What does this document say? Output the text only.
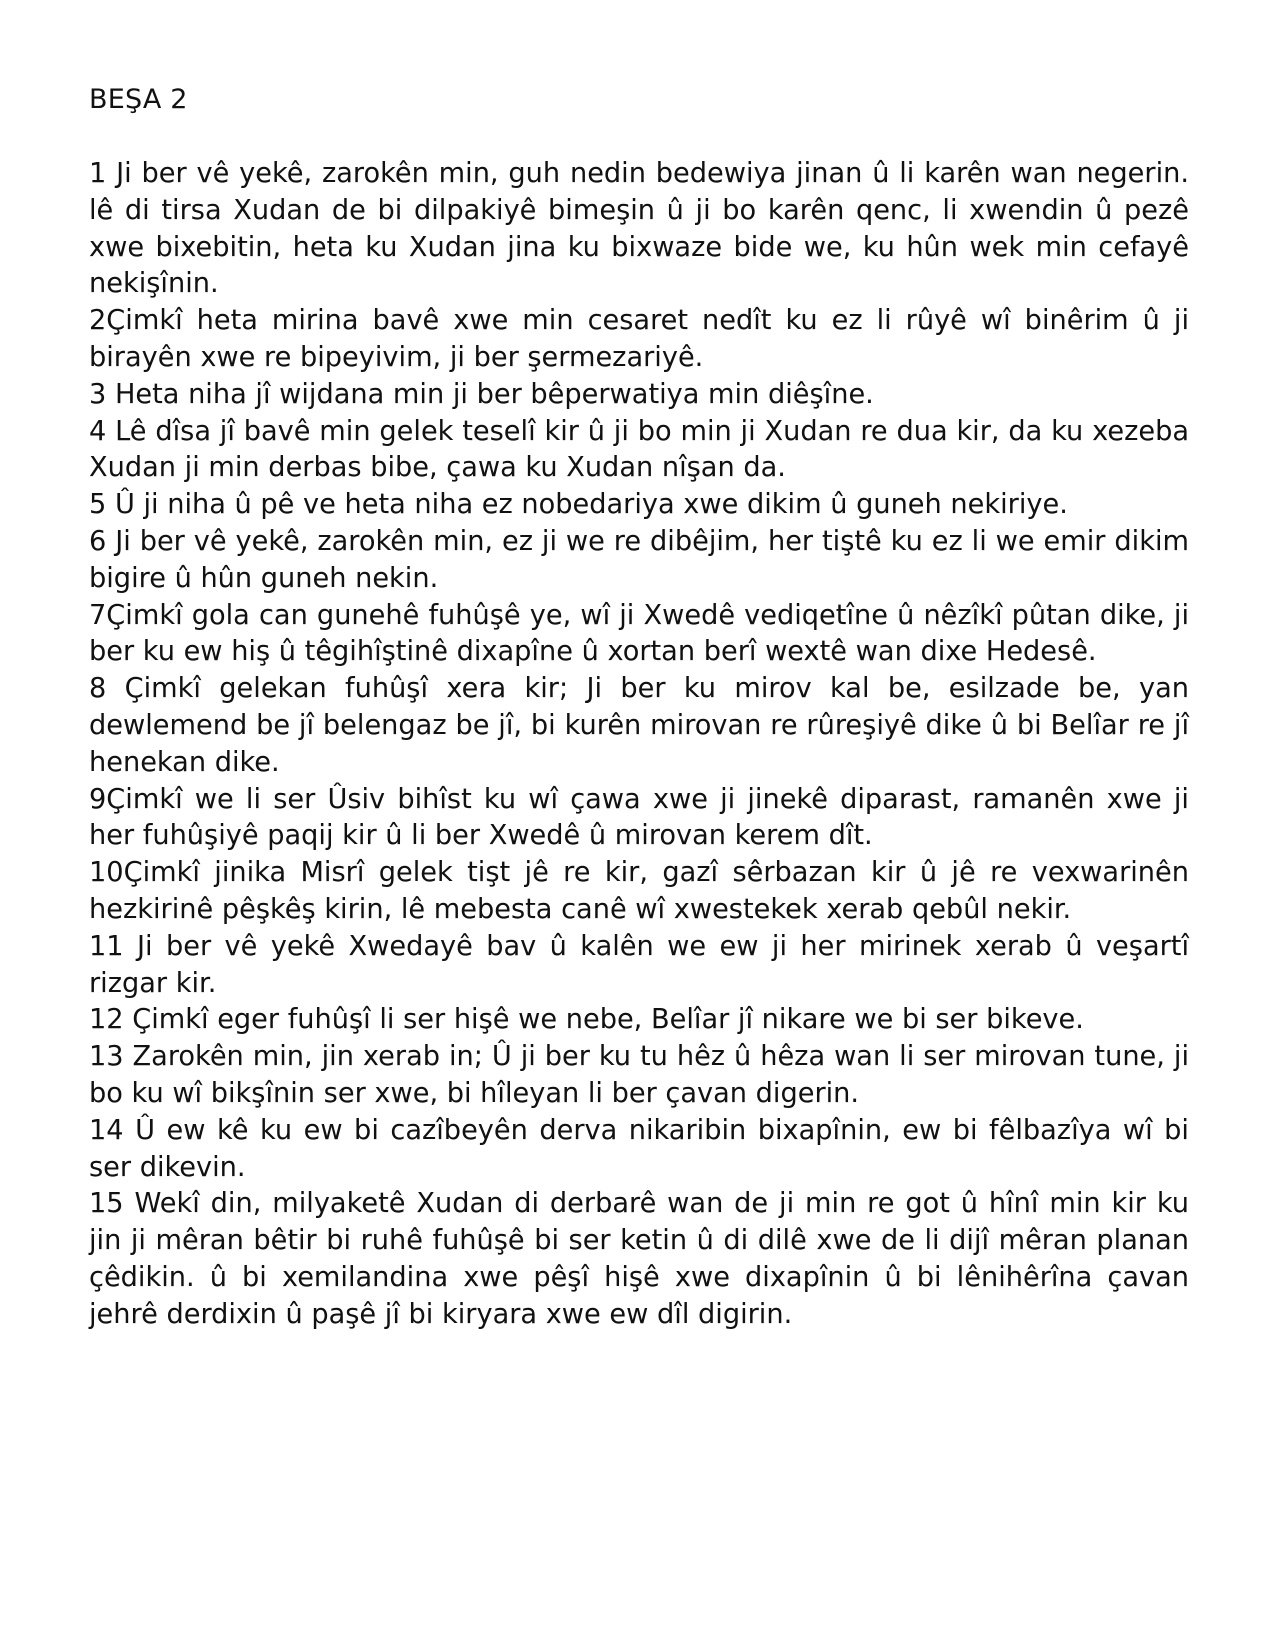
BEŞA 2

1 Ji ber vê yekê, zarokên min, guh nedin bedewiya jinan û li karên wan negerin. lê di tirsa Xudan de bi dilpakiyê bimeşin û ji bo karên qenc, li xwendin û pezê xwe bixebitin, heta ku Xudan jina ku bixwaze bide we, ku hûn wek min cefayê nekişînin.

2Çimkî heta mirina bavê xwe min cesaret nedît ku ez li rûyê wî binêrim û ji birayên xwe re bipeyivim, ji ber şermezariyê.

3 Heta niha jî wijdana min ji ber bêperwatiya min diêşîne.

4 Lê dîsa jî bavê min gelek teselî kir û ji bo min ji Xudan re dua kir, da ku xezeba Xudan ji min derbas bibe, çawa ku Xudan nîşan da.

5 Û ji niha û pê ve heta niha ez nobedariya xwe dikim û guneh nekiriye.

6 Ji ber vê yekê, zarokên min, ez ji we re dibêjim, her tiştê ku ez li we emir dikim bigire û hûn guneh nekin.

7Çimkî gola can gunehê fuhûşê ye, wî ji Xwedê vediqetîne û nêzîkî pûtan dike, ji ber ku ew hiş û têgihîştinê dixapîne û xortan berî wextê wan dixe Hedesê.

8 Çimkî gelekan fuhûşî xera kir; Ji ber ku mirov kal be, esilzade be, yan dewlemend be jî belengaz be jî, bi kurên mirovan re rûreşiyê dike û bi Belîar re jî henekan dike.

9Çimkî we li ser Ûsiv bihîst ku wî çawa xwe ji jinekê diparast, ramanên xwe ji her fuhûşiyê paqij kir û li ber Xwedê û mirovan kerem dît.

10Çimkî jinika Misrî gelek tişt jê re kir, gazî sêrbazan kir û jê re vexwarinên hezkirinê pêşkêş kirin, lê mebesta canê wî xwestekek xerab qebûl nekir.

11 Ji ber vê yekê Xwedayê bav û kalên we ew ji her mirinek xerab û veşartî rizgar kir.

12 Çimkî eger fuhûşî li ser hişê we nebe, Belîar jî nikare we bi ser bikeve.

13 Zarokên min, jin xerab in; Û ji ber ku tu hêz û hêza wan li ser mirovan tune, ji bo ku wî bikşînin ser xwe, bi hîleyan li ber çavan digerin.

14 Û ew kê ku ew bi cazîbeyên derva nikaribin bixapînin, ew bi fêlbazîya wî bi ser dikevin.

15 Wekî din, milyaketê Xudan di derbarê wan de ji min re got û hînî min kir ku jin ji mêran bêtir bi ruhê fuhûşê bi ser ketin û di dilê xwe de li dijî mêran planan çêdikin. û bi xemilandina xwe pêşî hişê xwe dixapînin û bi lênihêrîna çavan jehrê derdixin û paşê jî bi kiryara xwe ew dîl digirin.
